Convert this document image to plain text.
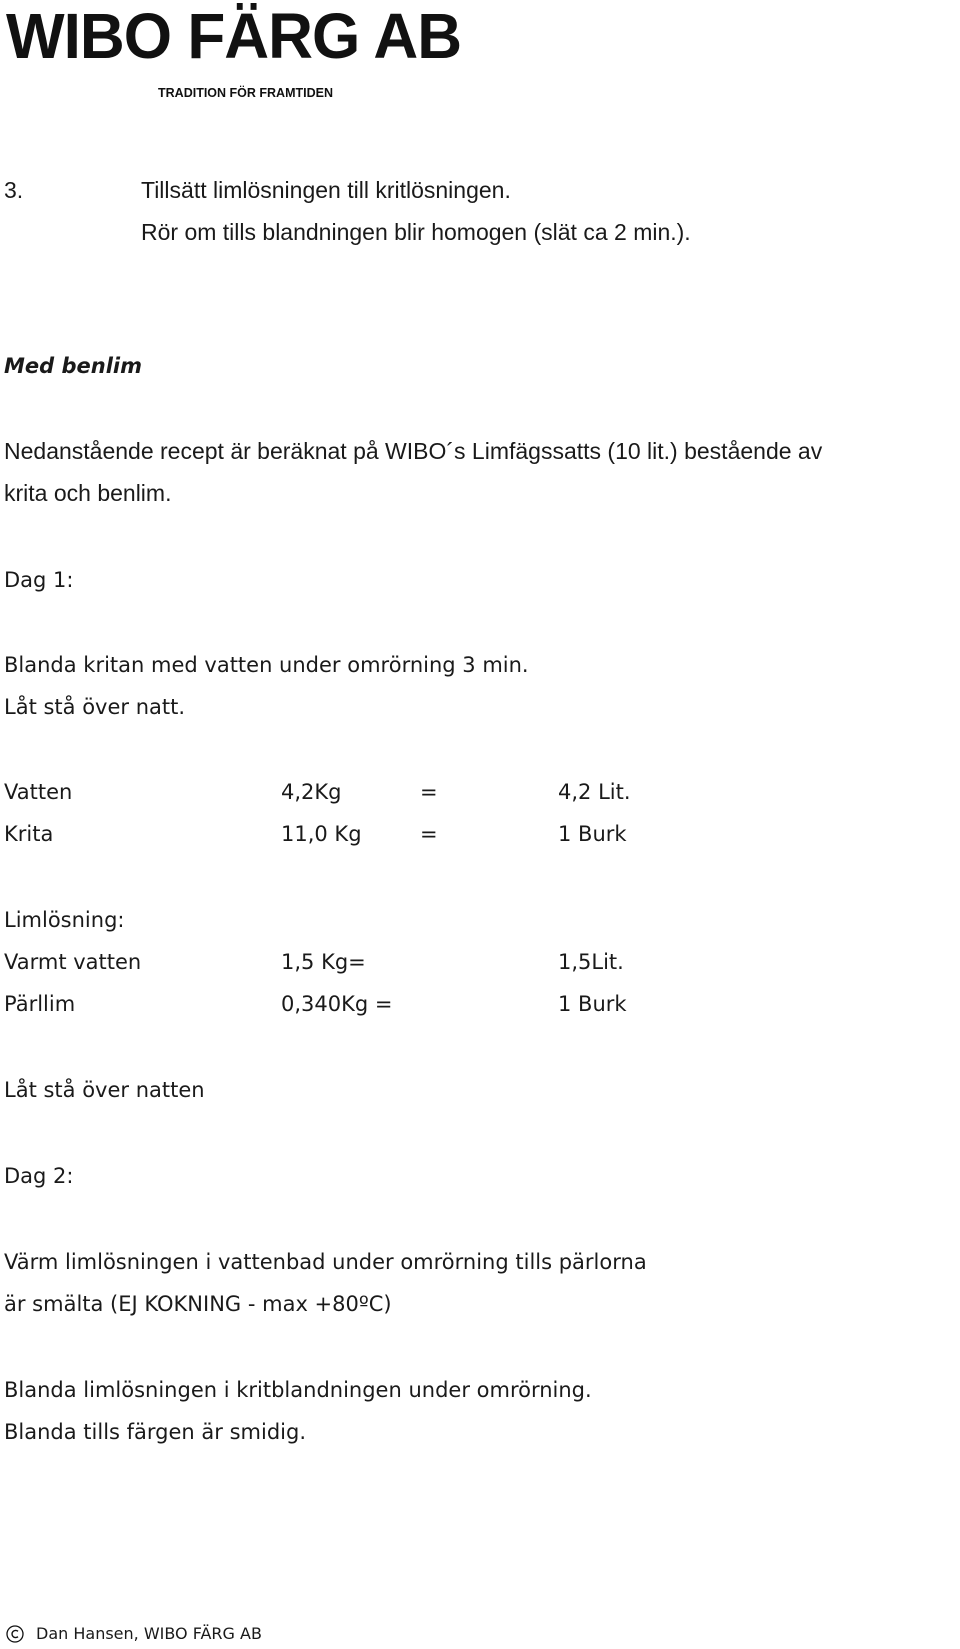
WIBO FÄRG AB
TRADITION FÖR FRAMTIDEN
3.	Tillsätt limlösningen till kritlösningen.
Rör om tills blandningen blir homogen (slät ca 2 min.).
Med benlim
Nedanstående recept är beräknat på WIBO´s Limfägssatts (10 lit.) bestående av
krita och benlim.
Dag 1:
Blanda kritan med vatten under omrörning 3 min.
Låt stå över natt.
Vatten	4,2Kg	=	4,2 Lit.
Krita	11,0 Kg	=	1 Burk
Limlösning:
Varmt vatten	1,5 Kg=	1,5Lit.
Pärllim	0,340Kg =	1 Burk
Låt stå över natten
Dag 2:
Värm limlösningen i vattenbad under omrörning tills pärlorna
är smälta (EJ KOKNING - max +80ºC)
Blanda limlösningen i kritblandningen under omrörning.
Blanda tills färgen är smidig.
Dan Hansen, WIBO FÄRG AB
